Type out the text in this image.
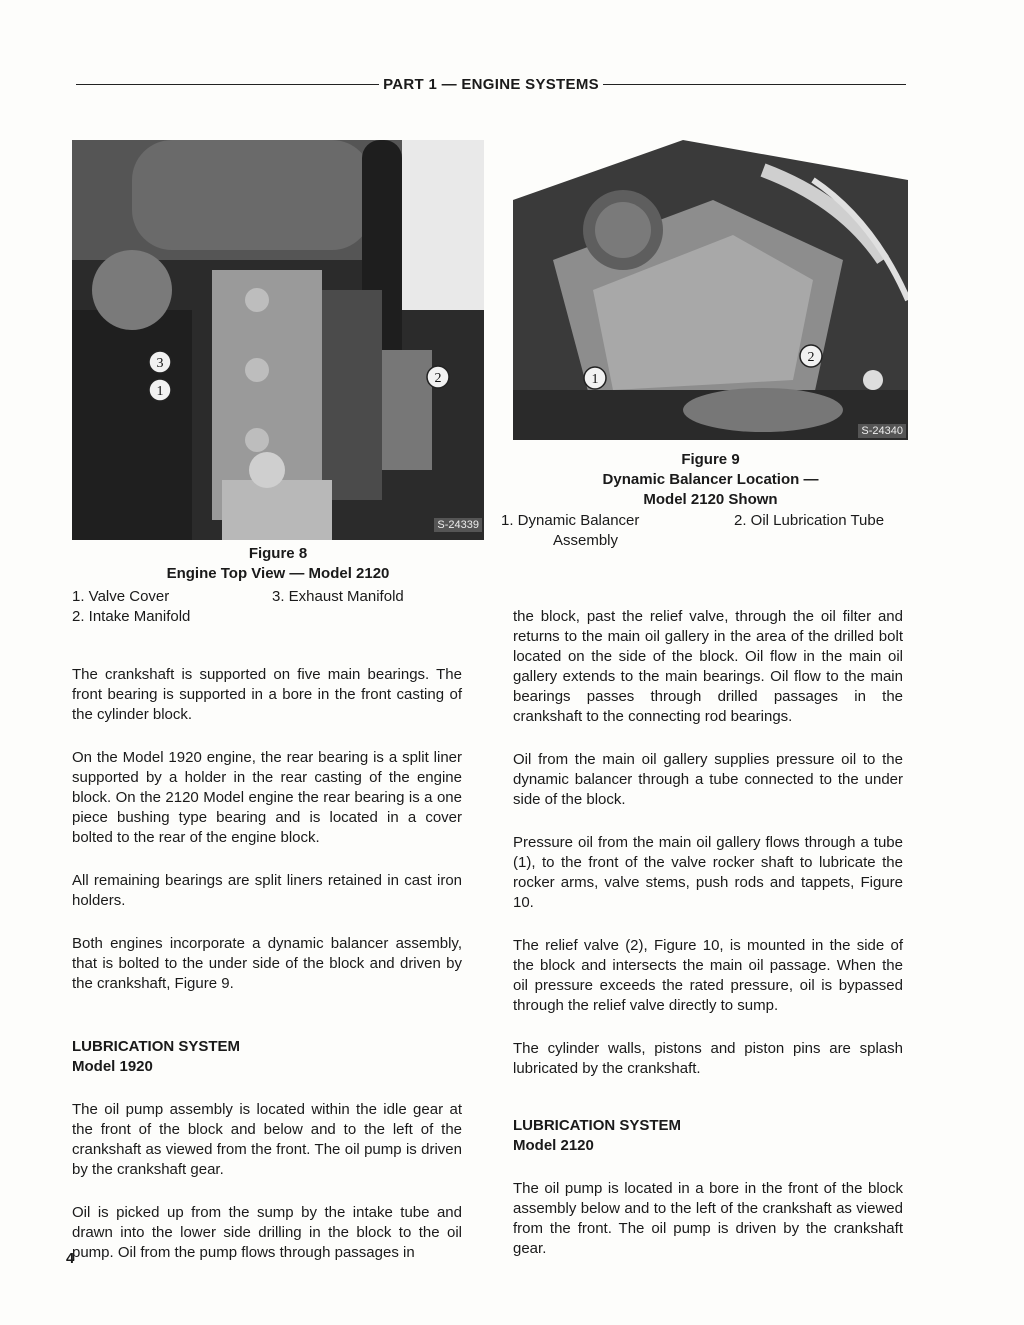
PART 1 — ENGINE SYSTEMS
3
1
2
S-24339
Figure 8
Engine Top View — Model 2120
1. Valve Cover	3. Exhaust Manifold
2. Intake Manifold
1
2
S-24340
Figure 9
Dynamic Balancer Location —
Model 2120 Shown
1. Dynamic Balancer	2. Oil Lubrication Tube
Assembly

The crankshaft is supported on five main bearings. The front bearing is supported in a bore in the front casting of the cylinder block.

On the Model 1920 engine, the rear bearing is a split liner supported by a holder in the rear casting of the engine block. On the 2120 Model engine the rear bearing is a one piece bushing type bearing and is located in a cover bolted to the rear of the engine block.

All remaining bearings are split liners retained in cast iron holders.

Both engines incorporate a dynamic balancer assembly, that is bolted to the under side of the block and driven by the crankshaft, Figure 9.

LUBRICATION SYSTEM
Model 1920

The oil pump assembly is located within the idle gear at the front of the block and below and to the left of the crankshaft as viewed from the front. The oil pump is driven by the crankshaft gear.

Oil is picked up from the sump by the intake tube and drawn into the lower side drilling in the block to the oil pump. Oil from the pump flows through passages in

the block, past the relief valve, through the oil filter and returns to the main oil gallery in the area of the drilled bolt located on the side of the block. Oil flow in the main oil gallery extends to the main bearings. Oil flow to the main bearings passes through drilled passages in the crankshaft to the connecting rod bearings.

Oil from the main oil gallery supplies pressure oil to the dynamic balancer through a tube connected to the under side of the block.

Pressure oil from the main oil gallery flows through a tube (1), to the front of the valve rocker shaft to lubricate the rocker arms, valve stems, push rods and tappets, Figure 10.

The relief valve (2), Figure 10, is mounted in the side of the block and intersects the main oil passage. When the oil pressure exceeds the rated pressure, oil is bypassed through the relief valve directly to sump.

The cylinder walls, pistons and piston pins are splash lubricated by the crankshaft.

LUBRICATION SYSTEM
Model 2120

The oil pump is located in a bore in the front of the block assembly below and to the left of the crankshaft as viewed from the front. The oil pump is driven by the crankshaft gear.

4
